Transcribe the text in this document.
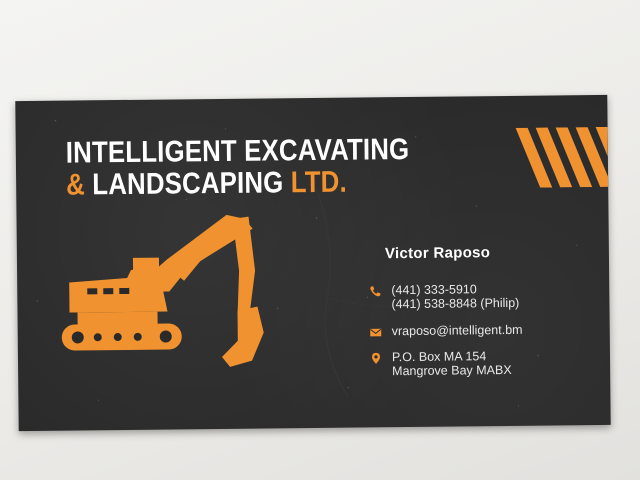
INTELLIGENT EXCAVATING
& LANDSCAPING LTD.
Victor Raposo
(441) 333-5910
(441) 538-8848 (Philip)
vraposo@intelligent.bm
P.O. Box MA 154
Mangrove Bay MABX
